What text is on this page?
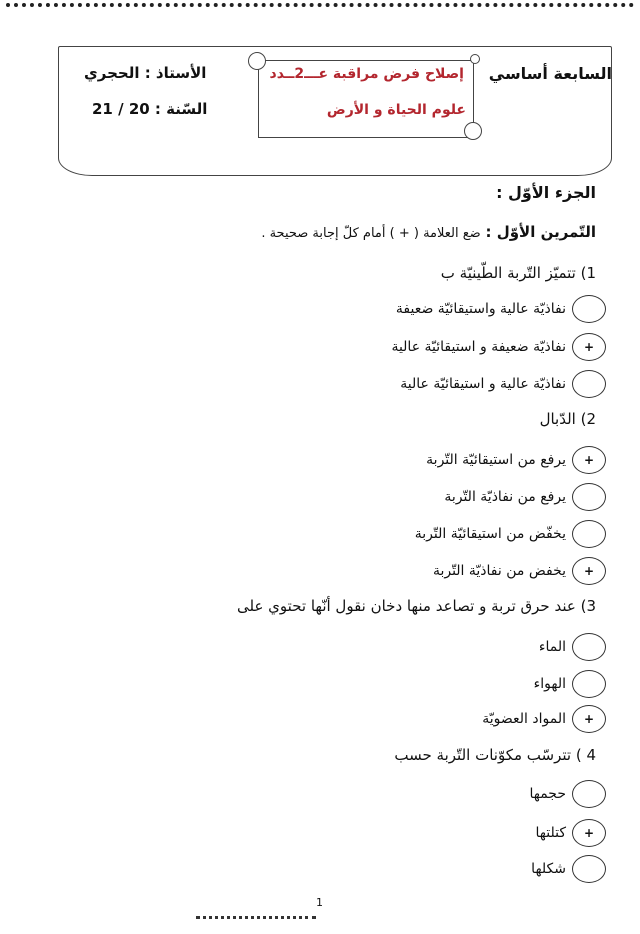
السابعة أساسي
إصلاح فرض مراقبة عـــ2ــدد
علوم الحياة و الأرض
الأستاذ : الحجري
السّنة : 20 / 21
الجزء الأوّل :
التّمرين الأوّل : ضع العلامة ( + ) أمام كلّ إجابة صحيحة .
1) تتميّز التّربة الطّينيّة ب
نفاذيّة عالية واستيقائيّة ضعيفة
+
نفاذيّة ضعيفة و استيقائيّة عالية
نفاذيّة عالية و استيقائيّة عالية
2) الدّبال
+
يرفع من استيقائيّة التّربة
يرفع من نفاذيّة التّربة
يخفّض من استيقائيّة التّربة
+
يخفض من نفاذيّة التّربة
3) عند حرق تربة و تصاعد منها دخان نقول أنّها تحتوي على
الماء
الهواء
+
المواد العضويّة
4 ) تترسّب مكوّنات التّربة حسب
حجمها
+
كتلتها
شكلها
1
